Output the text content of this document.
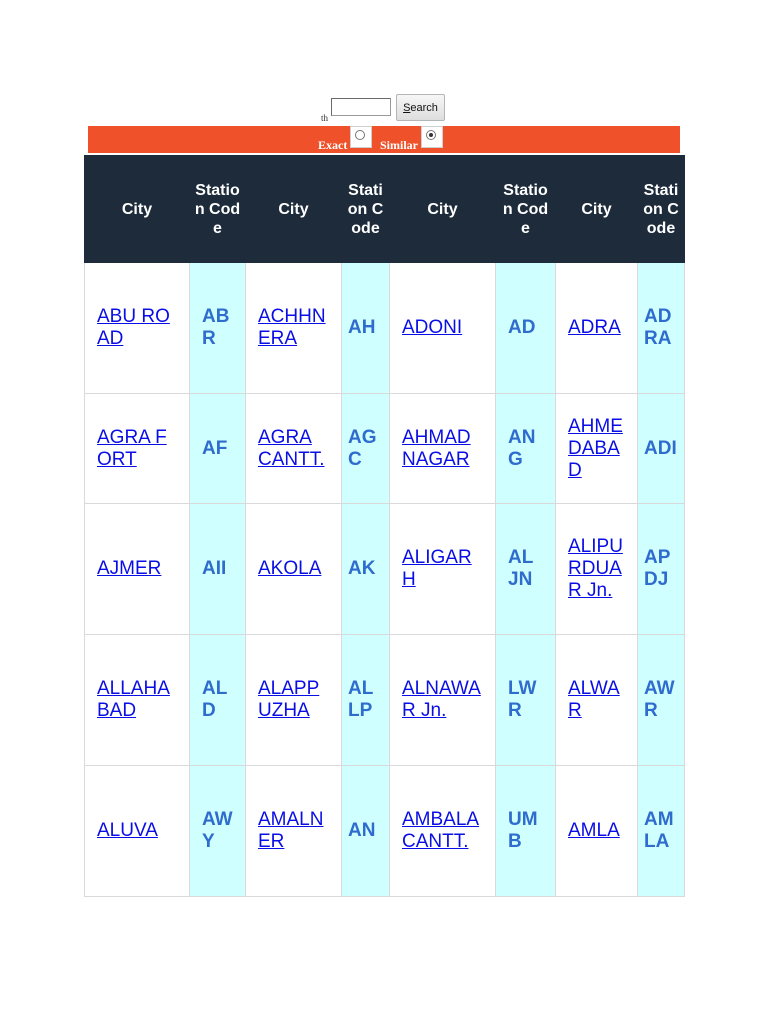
th
Search
Exact	Similar
City	Station Code	City	Station Code	City	Station Code	City	Station Code
ABU ROAD	ABR	ACHHNERA	AH	ADONI	AD	ADRA	ADRA
AGRA FORT	AF	AGRA CANTT.	AGC	AHMADNAGAR	ANG	AHMEDABAD	ADI
AJMER	AII	AKOLA	AK	ALIGARH	ALJN	ALIPURDUAR Jn.	APDJ
ALLAHABAD	ALD	ALAPPUZHA	ALLP	ALNAWAR Jn.	LWR	ALWAR	AWR
ALUVA	AWY	AMALNER	AN	AMBALA CANTT.	UMB	AMLA	AMLA
